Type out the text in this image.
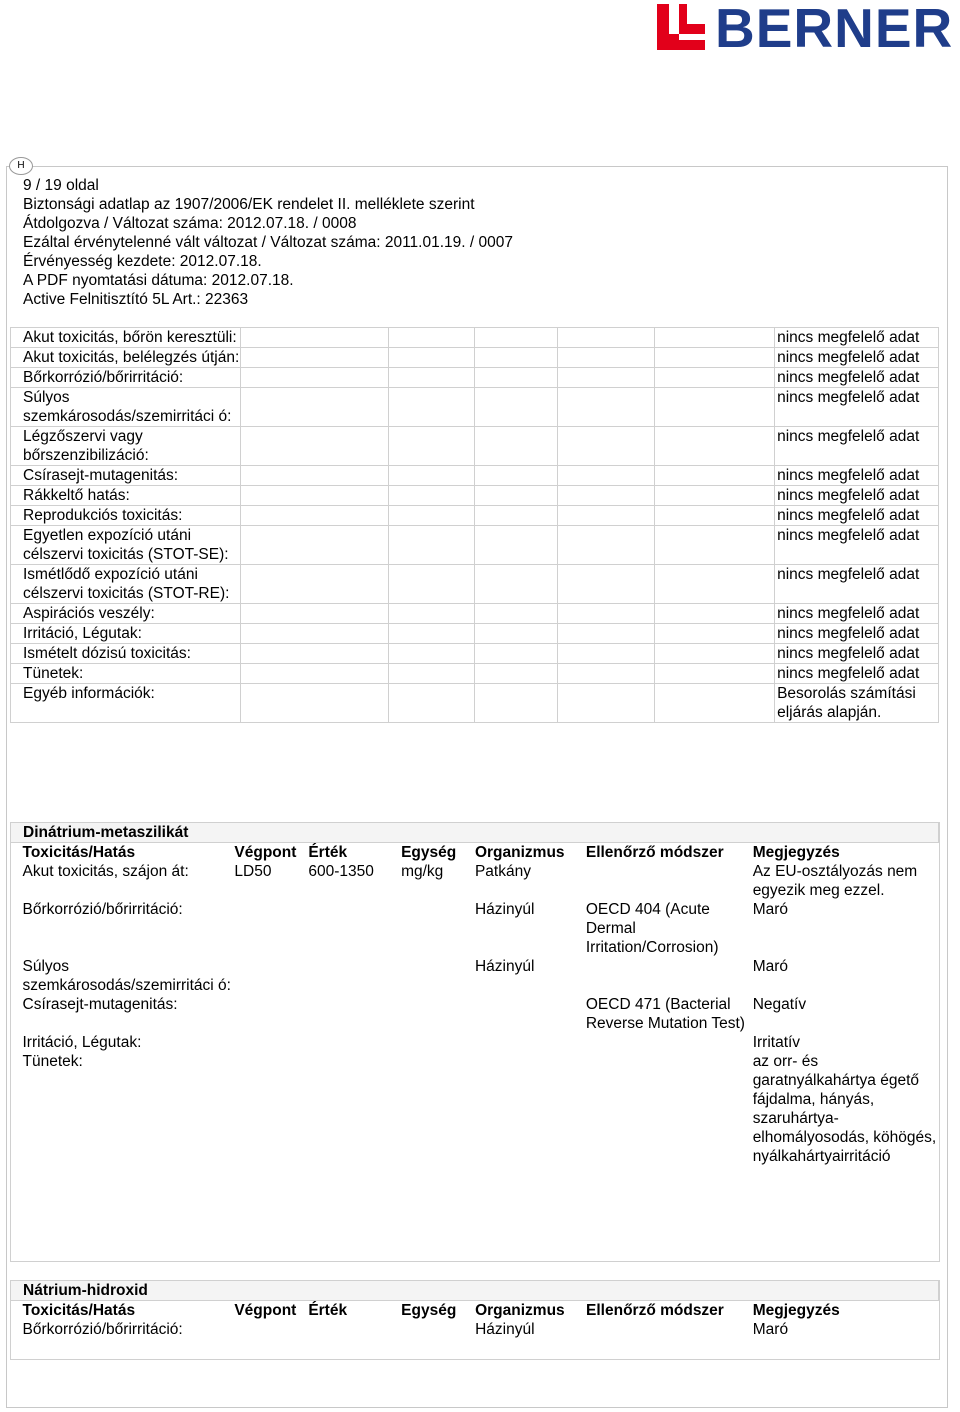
BERNER
H
9 / 19 oldal
Biztonsági adatlap az 1907/2006/EK rendelet II. melléklete szerint
Átdolgozva / Változat száma: 2012.07.18. / 0008
Ezáltal érvénytelenné vált változat / Változat száma: 2011.01.19. / 0007
Érvényesség kezdete: 2012.07.18.
A PDF nyomtatási dátuma: 2012.07.18.
Active Felnitisztító 5L Art.: 22363
Akut toxicitás, bőrön keresztüli:						nincs megfelelő adat
Akut toxicitás, belélegzés útján:						nincs megfelelő adat
Bőrkorrózió/bőrirritáció:						nincs megfelelő adat
Súlyos szemkárosodás/szemirritáci ó:						nincs megfelelő adat
Légzőszervi vagy bőrszenzibilizáció:						nincs megfelelő adat
Csírasejt-mutagenitás:						nincs megfelelő adat
Rákkeltő hatás:						nincs megfelelő adat
Reprodukciós toxicitás:						nincs megfelelő adat
Egyetlen expozíció utáni célszervi toxicitás (STOT-SE):						nincs megfelelő adat
Ismétlődő expozíció utáni célszervi toxicitás (STOT-RE):						nincs megfelelő adat
Aspirációs veszély:						nincs megfelelő adat
Irritáció, Légutak:						nincs megfelelő adat
Ismételt dózisú toxicitás:						nincs megfelelő adat
Tünetek:						nincs megfelelő adat
Egyéb információk:						Besorolás számítási eljárás alapján.
Dinátrium-metaszilikát						
Toxicitás/Hatás	Végpont	Érték	Egység	Organizmus	Ellenőrző módszer	Megjegyzés
Akut toxicitás, szájon át:	LD50	600-1350	mg/kg	Patkány		Az EU-osztályozás nem egyezik meg ezzel.
Bőrkorrózió/bőrirritáció:				Házinyúl	OECD 404 (Acute Dermal Irritation/Corrosion)	Maró
Súlyos szemkárosodás/szemirritáci ó:				Házinyúl		Maró
Csírasejt-mutagenitás:					OECD 471 (Bacterial Reverse Mutation Test)	Negatív
Irritáció, Légutak:						Irritatív
Tünetek:						az orr- és garatnyálkahártya égető fájdalma, hányás, szaruhártya-elhomályosodás, köhögés, nyálkahártyairritáció
Nátrium-hidroxid						
Toxicitás/Hatás	Végpont	Érték	Egység	Organizmus	Ellenőrző módszer	Megjegyzés
Bőrkorrózió/bőrirritáció:				Házinyúl		Maró
